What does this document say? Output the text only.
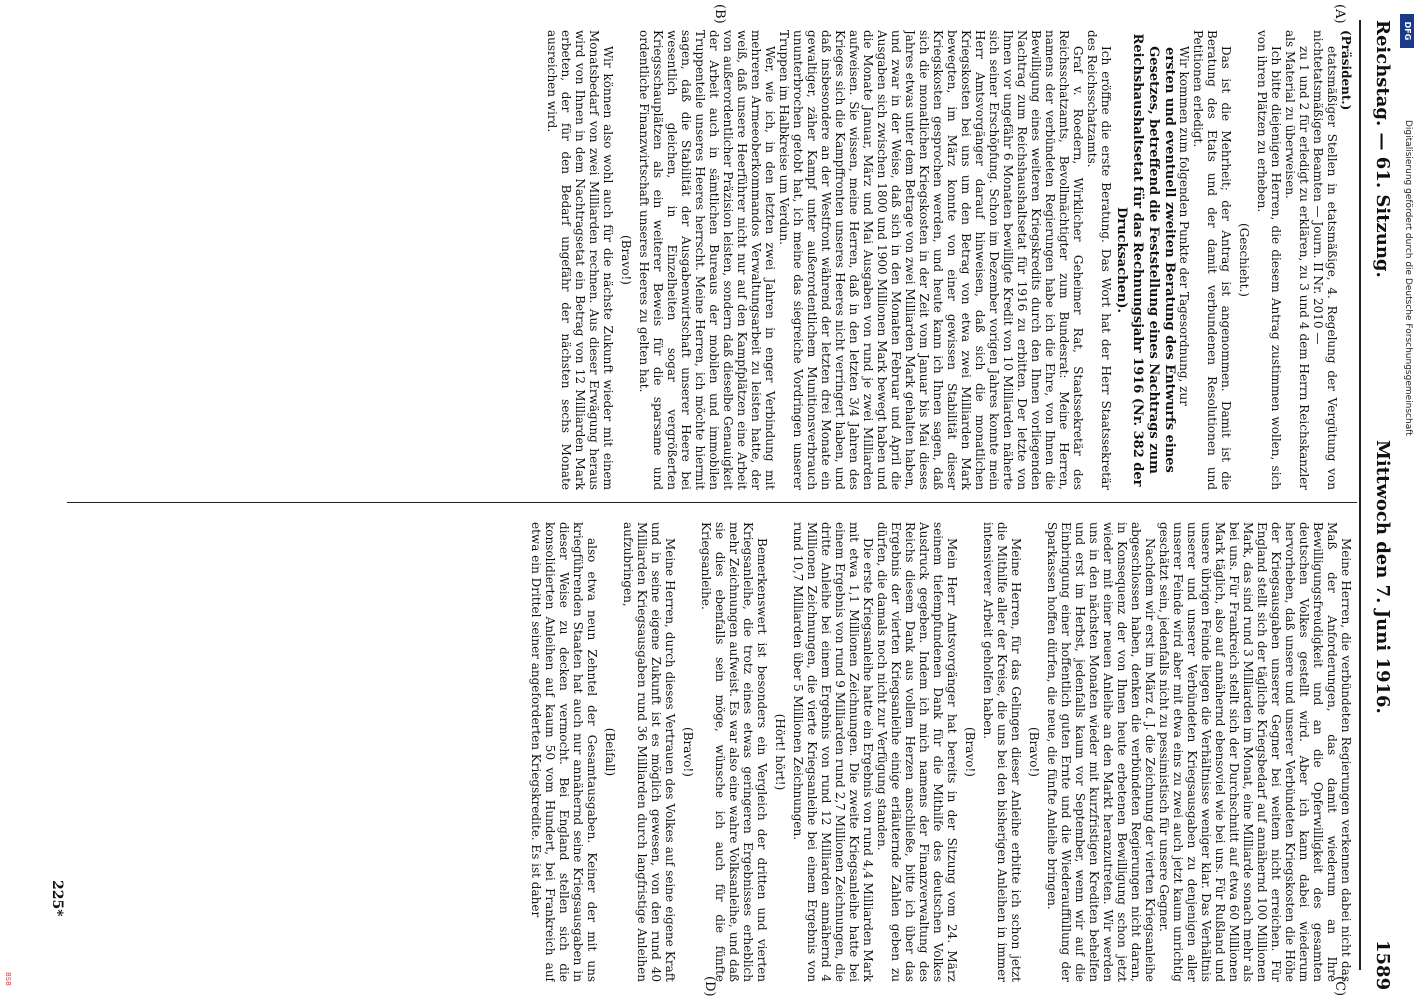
Reichstag. — 61. Sitzung.
Mittwoch den 7. Juni 1916.
1589
(A)
(B)
(C)
(D)

(Präsident.)

etatsmäßiger Stellen in etatsmäßige, 4. Regelung der Vergütung von nichtetatsmäßigen Beamten — Journ. II Nr. 2010 —

zu 1 und 2 für erledigt zu erklären, zu 3 und 4 dem Herrn Reichskanzler als Material zu überweisen.

Ich bitte diejenigen Herren, die diesem Antrag zustimmen wollen, sich von ihren Plätzen zu erheben.

(Geschieht.)

Das ist die Mehrheit; der Antrag ist angenommen. Damit ist die Beratung des Etats und der damit verbundenen Resolutionen und Petitionen erledigt.

Wir kommen zum folgenden Punkte der Tagesordnung, zur

ersten und eventuell zweiten Beratung des Entwurfs eines Gesetzes, betreffend die Feststellung eines Nachtrags zum Reichshaushaltsetat für das Rechnungsjahr 1916 (Nr. 382 der Drucksachen).

Ich eröffne die erste Beratung. Das Wort hat der Herr Staatssekretär des Reichsschatzamts.

Graf v. Roedern, Wirklicher Geheimer Rat, Staatssekretär des Reichsschatzamts, Bevollmächtigter zum Bundesrat: Meine Herren, namens der verbündeten Regierungen habe ich die Ehre, von Ihnen die Bewilligung eines weiteren Kriegskredits durch den Ihnen vorliegenden Nachtrag zum Reichshaushaltsetat für 1916 zu erbitten. Der letzte von Ihnen vor ungefähr 6 Monaten bewilligte Kredit von 10 Milliarden näherte sich seiner Erschöpfung. Schon im Dezember vorigen Jahres konnte mein Herr Amtsvorgänger darauf hinweisen, daß sich die monatlichen Kriegskosten bei uns um den Betrag von etwa zwei Milliarden Mark bewegten, im März konnte von einer gewissen Stabilität dieser Kriegskosten gesprochen werden, und heute kann ich Ihnen sagen, daß sich die monatlichen Kriegskosten in der Zeit vom Januar bis Mai dieses Jahres etwas unter dem Betrage von zwei Milliarden Mark gehalten haben, und zwar in der Weise, daß sich in den Monaten Februar und April die Ausgaben sich zwischen 1800 und 1900 Millionen Mark bewegt haben und die Monate Januar, März und Mai Ausgaben von rund je zwei Milliarden aufweisen. Sie wissen, meine Herren, daß in den letzten 3/4 Jahren des Krieges sich die Kampffronten unseres Heeres nicht verringert haben, und daß insbesondere an der Westfront während der letzten drei Monate ein gewaltiger, zäher Kampf unter außerordentlichem Munitionsverbrauch ununterbrochen getobt hat, ich meine das siegreiche Vordringen unserer Truppen im Halbkreise um Verdun.

Wer, wie ich, in den letzten zwei Jahren in enger Verbindung mit mehreren Armeeoberkommandos Verwaltungsarbeit zu leisten hatte, der weiß, daß unsere Heerführer nicht nur auf den Kampfplätzen eine Arbeit von außerordentlicher Präzision leisten, sondern daß dieselbe Genauigkeit der Arbeit auch in sämtlichen Bureaus der mobilen und immobilen Truppenteile unseres Heeres herrscht. Meine Herren, ich möchte hiermit sagen, daß die Stabilität der Ausgabenwirtschaft unserer Heere bei wesentlich gleichen, in Einzelheiten sogar vergrößerten Kriegsschauplätzen als ein weiterer Beweis für die sparsame und ordentliche Finanzwirtschaft unseres Heeres zu gelten hat.

(Bravo!)

Wir können also wohl auch für die nächste Zukunft wieder mit einem Monatsbedarf von zwei Milliarden rechnen. Aus dieser Erwägung heraus wird von Ihnen in dem Nachtragsetat ein Betrag von 12 Milliarden Mark erbeten, der für den Bedarf ungefähr der nächsten sechs Monate ausreichen wird.

Meine Herren, die verbündeten Regierungen verkennen dabei nicht das Maß der Anforderungen, das damit wiederum an Ihre Bewilligungsfreudigkeit und an die Opferwilligkeit des gesamten deutschen Volkes gestellt wird. Aber ich kann dabei wiederum hervorheben, daß unsere und unserer Verbündeten Kriegskosten die Höhe der Kriegsausgaben unserer Gegner bei weitem nicht erreichen. Für England stellt sich der tägliche Kriegsbedarf auf annähernd 100 Millionen Mark, das sind rund 3 Milliarden im Monat, eine Milliarde sonach mehr als bei uns. Für Frankreich stellt sich der Durchschnitt auf etwa 60 Millionen Mark täglich, also auf annähernd ebensoviel wie bei uns. Für Rußland und unsere übrigen Feinde liegen die Verhältnisse weniger klar. Das Verhältnis unserer und unserer Verbündeten Kriegsausgaben zu denjenigen aller unserer Feinde wird aber mit etwa eins zu zwei auch jetzt kaum unrichtig geschätzt sein, jedenfalls nicht zu pessimistisch für unsere Gegner.

Nachdem wir erst im März d. J. die Zeichnung der vierten Kriegsanleihe abgeschlossen haben, denken die verbündeten Regierungen nicht daran, in Konsequenz der von Ihnen heute erbetenen Bewilligung schon jetzt wieder mit einer neuen Anleihe an den Markt heranzutreten. Wir werden uns in den nächsten Monaten wieder mit kurzfristigen Krediten behelfen und erst im Herbst, jedenfalls kaum vor September, wenn wir auf die Einbringung einer hoffentlich guten Ernte und die Wiederauffüllung der Sparkassen hoffen dürfen, die neue, die fünfte Anleihe bringen.

(Bravo!)

Meine Herren, für das Gelingen dieser Anleihe erbitte ich schon jetzt die Mithilfe aller der Kreise, die uns bei den bisherigen Anleihen in immer intensiverer Arbeit geholfen haben.

(Bravo!)

Mein Herr Amtsvorgänger hat bereits in der Sitzung vom 24. März seinem tiefempfundenen Dank für die Mithilfe des deutschen Volkes Ausdruck gegeben. Indem ich mich namens der Finanzverwaltung des Reichs diesem Dank aus vollem Herzen anschließe, bitte ich über das Ergebnis der vierten Kriegsanleihe einige erläuternde Zahlen geben zu dürfen, die damals noch nicht zur Verfügung standen.

Die erste Kriegsanleihe hatte ein Ergebnis von rund 4,4 Milliarden Mark mit etwa 1,1 Millionen Zeichnungen. Die zweite Kriegsanleihe hatte bei einem Ergebnis von rund 9 Milliarden rund 2,7 Millionen Zeichnungen, die dritte Anleihe bei einem Ergebnis von rund 12 Milliarden annähernd 4 Millionen Zeichnungen, die vierte Kriegsanleihe bei einem Ergebnis von rund 10,7 Milliarden über 5 Millionen Zeichnungen.

(Hört! hört!)

Bemerkenswert ist besonders ein Vergleich der dritten und vierten Kriegsanleihe, die trotz eines etwas geringeren Ergebnisses erheblich mehr Zeichnungen aufweist. Es war also eine wahre Volksanleihe, und daß sie dies ebenfalls sein möge, wünsche ich auch für die fünfte Kriegsanleihe.

(Bravo!)

Meine Herren, durch dieses Vertrauen des Volkes auf seine eigene Kraft und in seine eigene Zukunft ist es möglich gewesen, von den rund 40 Milliarden Kriegsausgaben rund 36 Milliarden durch langfristige Anleihen aufzubringen,

(Beifall)

also etwa neun Zehntel der Gesamtausgaben. Keiner der mit uns kriegführenden Staaten hat auch nur annähernd seine Kriegsausgaben in dieser Weise zu decken vermocht. Bei England stellen sich die konsolidierten Anleihen auf kaum 50 vom Hundert, bei Frankreich auf etwa ein Drittel seiner angeforderten Kriegskredite. Es ist daher

225*
DFG
Digitalisierung gefördert durch die Deutsche Forschungsgemeinschaft
BSB
